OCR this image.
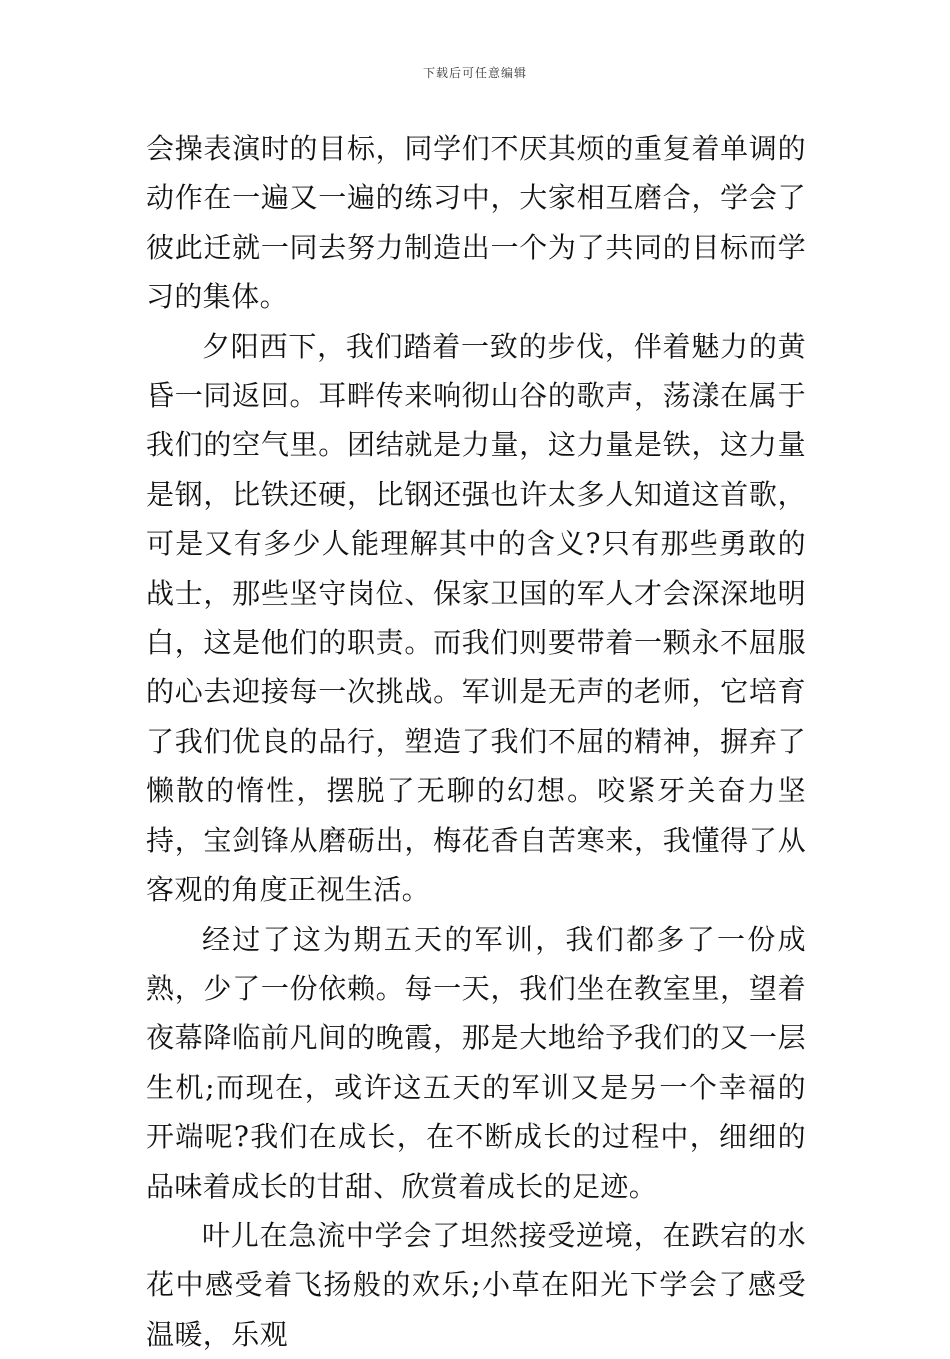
下载后可任意编辑

会操表演时的目标，同学们不厌其烦的重复着单调的动作在一遍又一遍的练习中，大家相互磨合，学会了彼此迁就一同去努力制造出一个为了共同的目标而学习的集体。

夕阳西下，我们踏着一致的步伐，伴着魅力的黄昏一同返回。耳畔传来响彻山谷的歌声，荡漾在属于我们的空气里。团结就是力量，这力量是铁，这力量是钢，比铁还硬，比钢还强也许太多人知道这首歌，可是又有多少人能理解其中的含义?只有那些勇敢的战士，那些坚守岗位、保家卫国的军人才会深深地明白，这是他们的职责。而我们则要带着一颗永不屈服的心去迎接每一次挑战。军训是无声的老师，它培育了我们优良的品行，塑造了我们不屈的精神，摒弃了懒散的惰性，摆脱了无聊的幻想。咬紧牙关奋力坚持，宝剑锋从磨砺出，梅花香自苦寒来，我懂得了从客观的角度正视生活。

经过了这为期五天的军训，我们都多了一份成熟，少了一份依赖。每一天，我们坐在教室里，望着夜幕降临前凡间的晚霞，那是大地给予我们的又一层生机;而现在，或许这五天的军训又是另一个幸福的开端呢?我们在成长，在不断成长的过程中，细细的品味着成长的甘甜、欣赏着成长的足迹。

叶儿在急流中学会了坦然接受逆境，在跌宕的水花中感受着飞扬般的欢乐;小草在阳光下学会了感受温暖，乐观
